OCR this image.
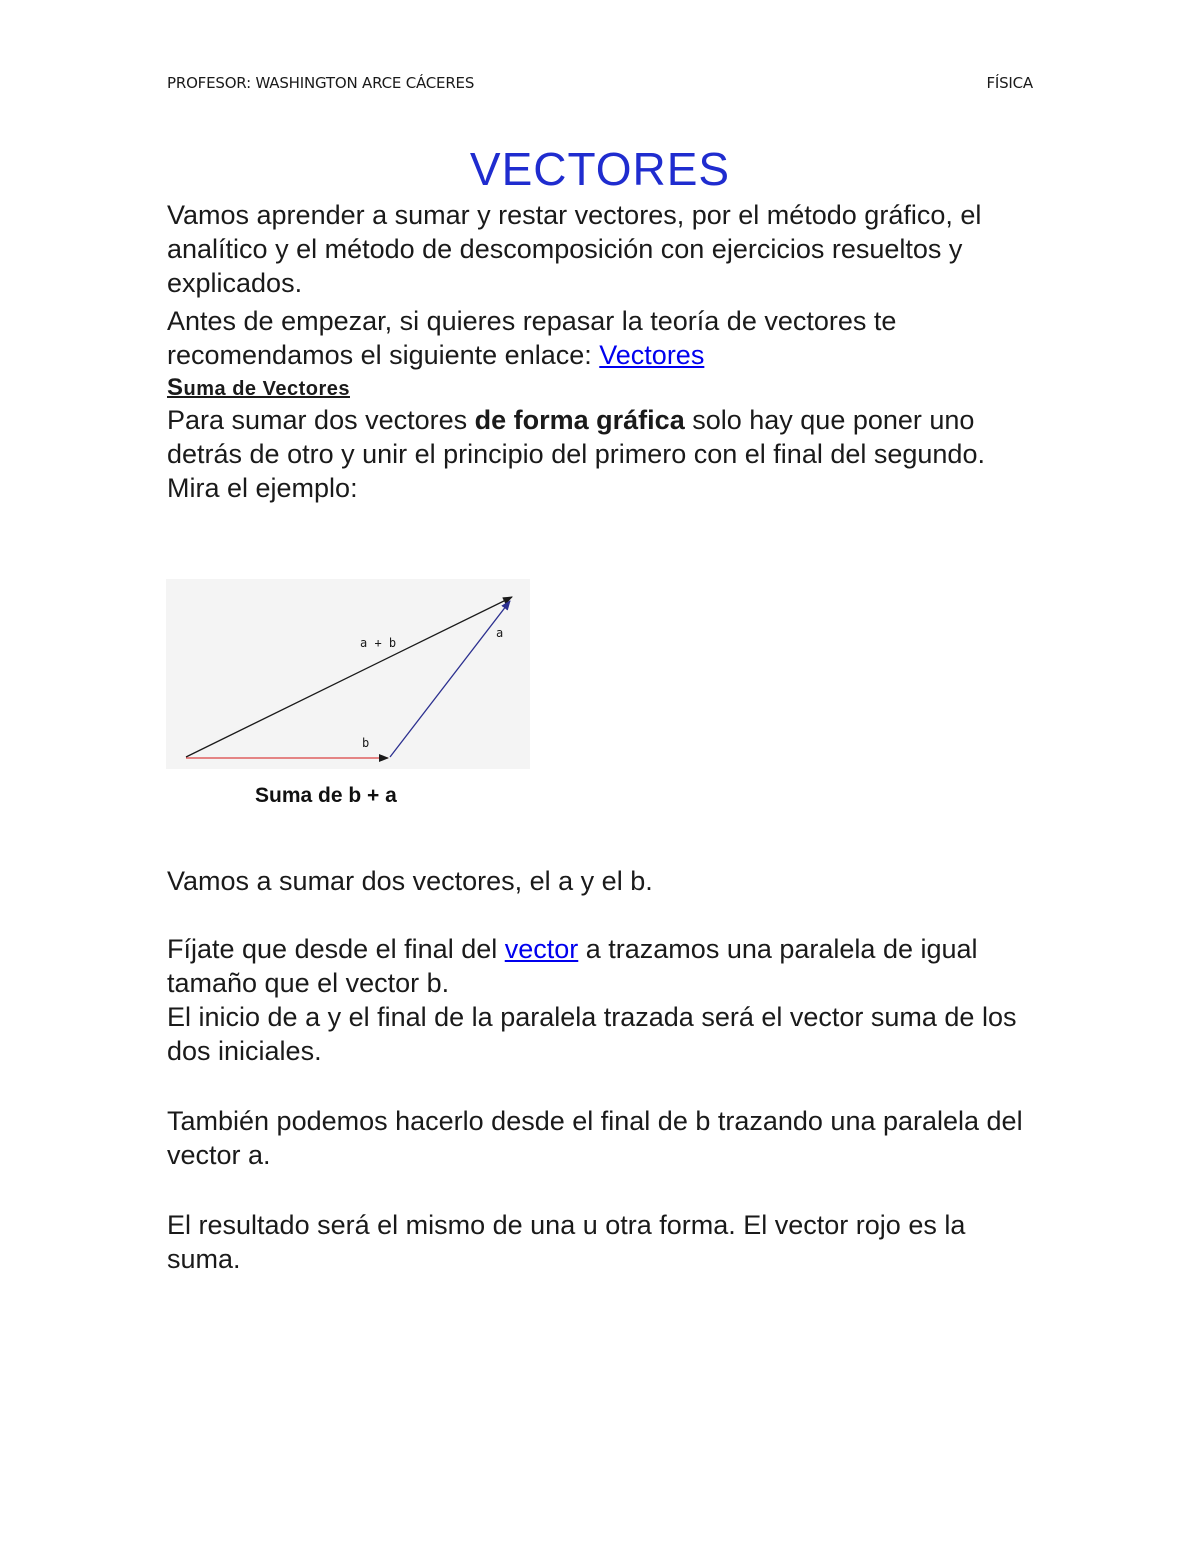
PROFESOR: WASHINGTON ARCE CÁCERES	FÍSICA
VECTORES

Vamos aprender a sumar y restar vectores, por el método gráfico, el analítico y el método de descomposición con ejercicios resueltos y explicados.

Antes de empezar, si quieres repasar la teoría de vectores te recomendamos el siguiente enlace: Vectores

Suma de Vectores

Para sumar dos vectores de forma gráfica solo hay que poner uno detrás de otro y unir el principio del primero con el final del segundo.

Mira el ejemplo:

a + b
a
b
Suma de b + a

Vamos a sumar dos vectores, el a y el b.

Fíjate que desde el final del vector a trazamos una paralela de igual tamaño que el vector b.

El inicio de a y el final de la paralela trazada será el vector suma de los dos iniciales.

También podemos hacerlo desde el final de b trazando una paralela del vector a.

El resultado será el mismo de una u otra forma. El vector rojo es la suma.
